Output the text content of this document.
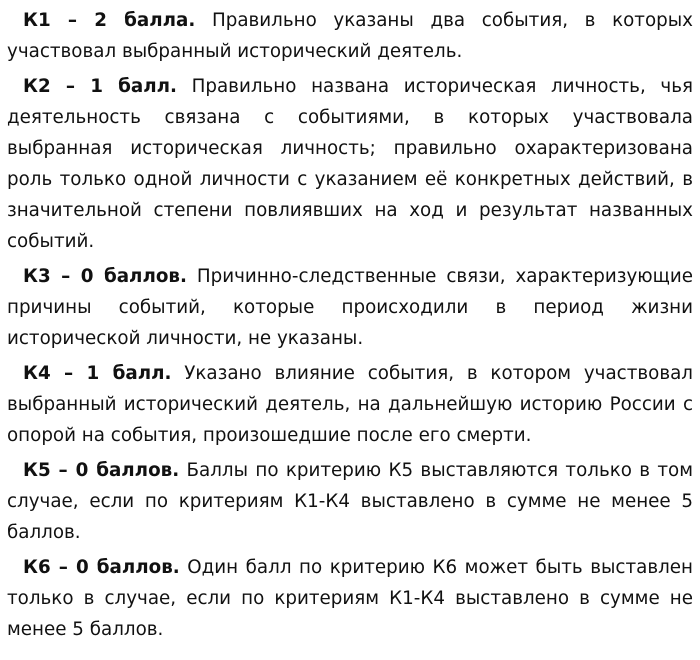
К1 – 2 балла. Правильно указаны два события, в которых участвовал выбранный исторический деятель.

К2 – 1 балл. Правильно названа историческая личность, чья деятельность связана с событиями, в которых участвовала выбранная историческая личность; правильно охарактеризована роль только одной личности с указанием её конкретных действий, в значительной степени повлиявших на ход и результат названных событий.

К3 – 0 баллов. Причинно-следственные связи, характеризующие причины событий, которые происходили в период жизни исторической личности, не указаны.

К4 – 1 балл. Указано влияние события, в котором участвовал выбранный исторический деятель, на дальнейшую историю России с опорой на события, произошедшие после его смерти.

К5 – 0 баллов. Баллы по критерию К5 выставляются только в том случае, если по критериям К1-К4 выставлено в сумме не менее 5 баллов.

К6 – 0 баллов. Один балл по критерию К6 может быть выставлен только в случае, если по критериям К1-К4 выставлено в сумме не менее 5 баллов.
